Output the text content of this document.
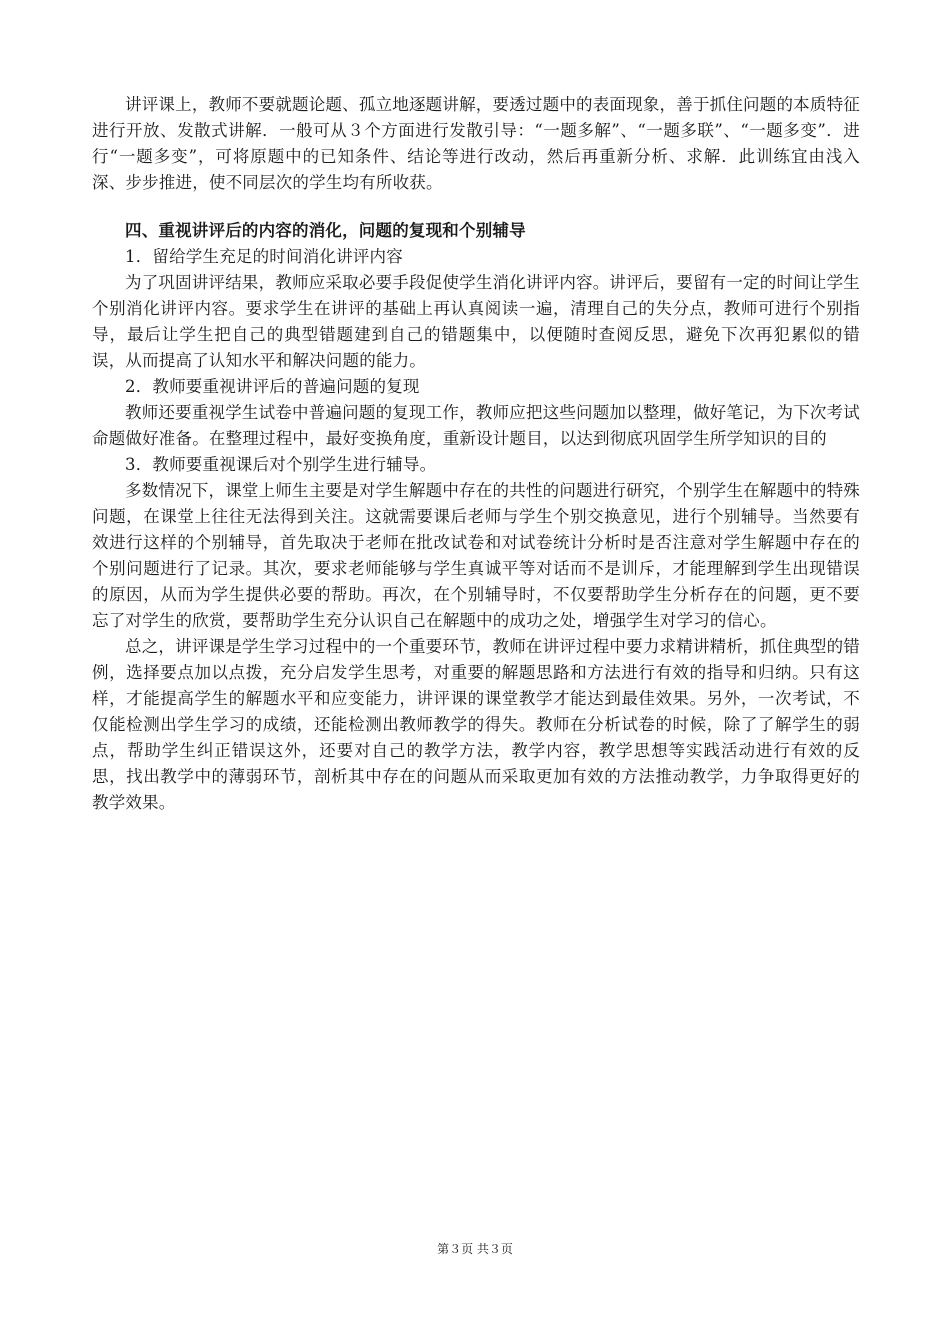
讲评课上，教师不要就题论题、孤立地逐题讲解，要透过题中的表面现象，善于抓住问题的本质特征进行开放、发散式讲解．一般可从３个方面进行发散引导：“一题多解”、“一题多联”、“一题多变”．进行“一题多变”，可将原题中的已知条件、结论等进行改动，然后再重新分析、求解．此训练宜由浅入深、步步推进，使不同层次的学生均有所收获。

四、重视讲评后的内容的消化，问题的复现和个别辅导

1．留给学生充足的时间消化讲评内容

为了巩固讲评结果，教师应采取必要手段促使学生消化讲评内容。讲评后，要留有一定的时间让学生个别消化讲评内容。要求学生在讲评的基础上再认真阅读一遍，清理自己的失分点，教师可进行个别指导，最后让学生把自己的典型错题建到自己的错题集中，以便随时查阅反思，避免下次再犯累似的错误，从而提高了认知水平和解决问题的能力。

2．教师要重视讲评后的普遍问题的复现

教师还要重视学生试卷中普遍问题的复现工作，教师应把这些问题加以整理，做好笔记，为下次考试命题做好准备。在整理过程中，最好变换角度，重新设计题目，以达到彻底巩固学生所学知识的目的

3．教师要重视课后对个别学生进行辅导。

多数情况下，课堂上师生主要是对学生解题中存在的共性的问题进行研究，个别学生在解题中的特殊问题，在课堂上往往无法得到关注。这就需要课后老师与学生个别交换意见，进行个别辅导。当然要有效进行这样的个别辅导，首先取决于老师在批改试卷和对试卷统计分析时是否注意对学生解题中存在的个别问题进行了记录。其次，要求老师能够与学生真诚平等对话而不是训斥，才能理解到学生出现错误的原因，从而为学生提供必要的帮助。再次，在个别辅导时，不仅要帮助学生分析存在的问题，更不要忘了对学生的欣赏，要帮助学生充分认识自己在解题中的成功之处，增强学生对学习的信心。

总之，讲评课是学生学习过程中的一个重要环节，教师在讲评过程中要力求精讲精析，抓住典型的错例，选择要点加以点拨，充分启发学生思考，对重要的解题思路和方法进行有效的指导和归纳。只有这样，才能提高学生的解题水平和应变能力，讲评课的课堂教学才能达到最佳效果。另外，一次考试，不仅能检测出学生学习的成绩，还能检测出教师教学的得失。教师在分析试卷的时候，除了了解学生的弱点，帮助学生纠正错误这外，还要对自己的教学方法，教学内容，教学思想等实践活动进行有效的反思，找出教学中的薄弱环节，剖析其中存在的问题从而采取更加有效的方法推动教学，力争取得更好的教学效果。

第３页 共３页
